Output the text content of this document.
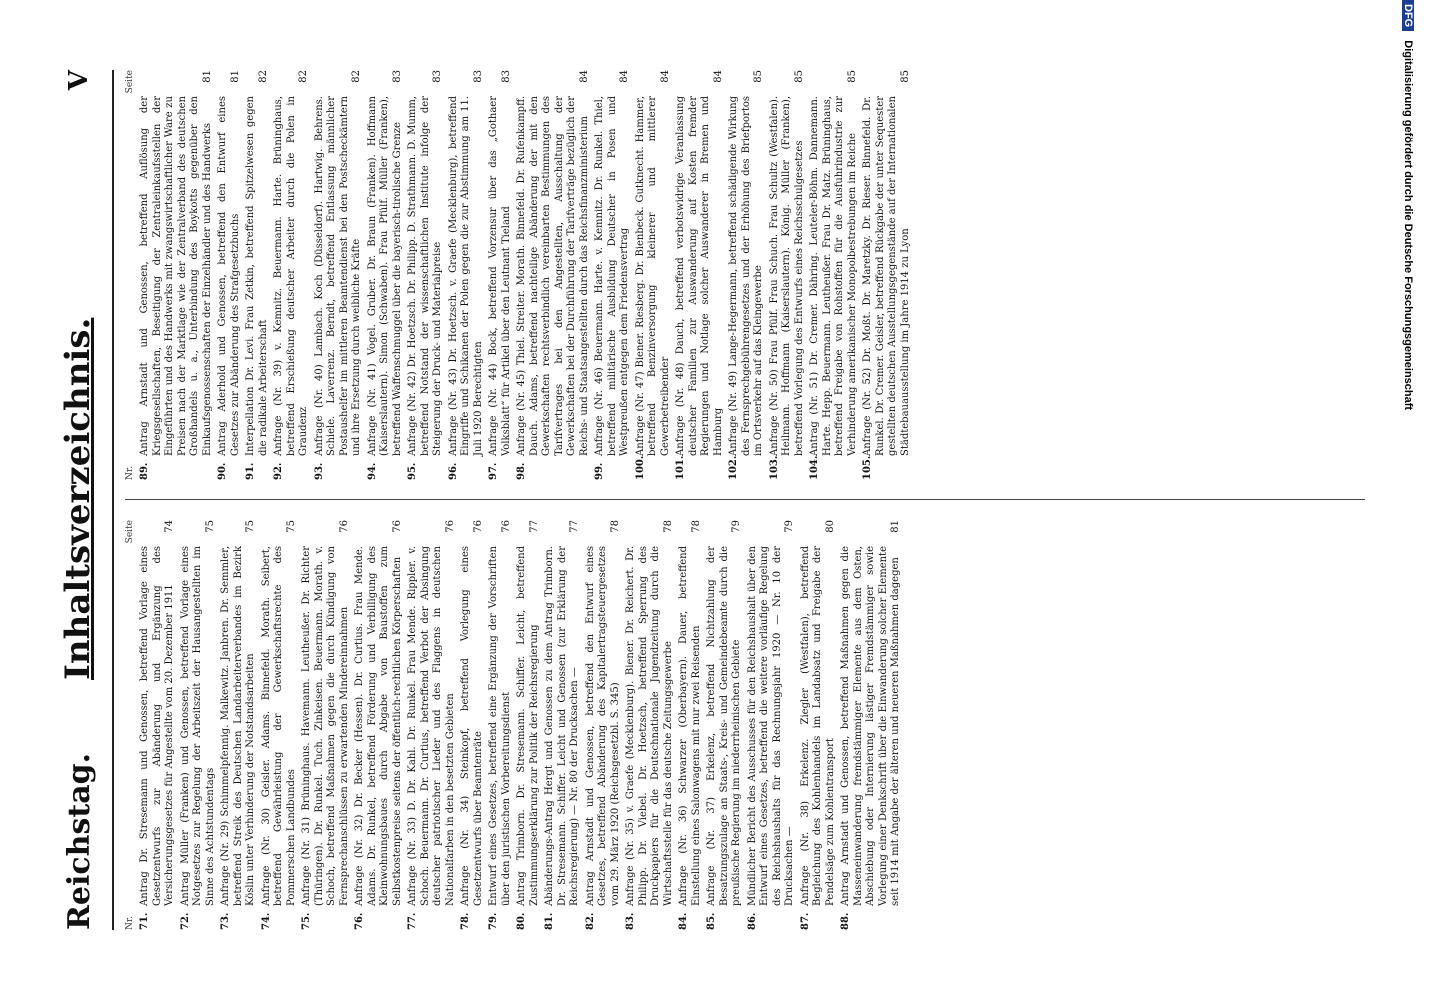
Reichstag.
Inhaltsverzeichnis.
V
Nr.
Seite
71.
Antrag Dr. Stresemann und Genossen, betreffend Vorlage eines Gesetzentwurfs zur Abänderung und Ergänzung des Versicherungsgesetzes für Angestellte vom 20. Dezember 1911
74
72.
Antrag Müller (Franken) und Genossen, betreffend Vorlage eines Notgesetzes zur Regelung der Arbeitszeit der Hausangestellten im Sinne des Achtstundentags
75
73.
Anfrage (Nr. 29) Schimmelpfennig. Malkewitz. Janbren. Dr. Semmler, betreffend Streik des Deutschen Landarbeiterverbandes im Bezirk Köslin unter Verhinderung der Notstandsarbeiten
75
74.
Anfrage (Nr. 30) Geisler. Adams. Binnefeld. Morath. Seibert, betreffend Gewährleistung der Gewerkschaftsrechte des Pommerschen Landbundes
75
75.
Anfrage (Nr. 31) Brüninghaus. Havemann. Leutheußer. Dr. Richter (Thüringen). Dr. Runkel. Tuch. Zinkeisen. Beuermann. Morath. v. Schoch, betreffend Maßnahmen gegen die durch Kündigung von Fernsprechanschlüssen zu erwartenden Mindereinnahmen
76
76.
Anfrage (Nr. 32) Dr. Becker (Hessen). Dr. Curtius. Frau Mende. Adams. Dr. Runkel, betreffend Förderung und Verbilligung des Kleinwohnungsbaues durch Abgabe von Baustoffen zum Selbstkostenpreise seitens der öffentlich-rechtlichen Körperschaften
76
77.
Anfrage (Nr. 33) D. Dr. Kahl. Dr. Runkel. Frau Mende. Rippler. v. Schoch. Beuermann. Dr. Curtius, betreffend Verbot der Absingung deutscher patriotischer Lieder und des Flaggens in deutschen Nationalfarben in den besetzten Gebieten
76
78.
Anfrage (Nr. 34) Steinkopf, betreffend Vorlegung eines Gesetzentwurfs über Beamtenräte
76
79.
Entwurf eines Gesetzes, betreffend eine Ergänzung der Vorschriften über den juristischen Vorbereitungsdienst
76
80.
Antrag Trimborn. Dr. Stresemann. Schiffer. Leicht, betreffend Zustimmungserklärung zur Politik der Reichsregierung
77
81.
Abänderungs-Antrag Hergt und Genossen zu dem Antrag Trimborn. Dr. Stresemann. Schiffer. Leicht und Genossen (zur Erklärung der Reichsregierung) — Nr. 80 der Drucksachen —
77
82.
Antrag Arnstadt und Genossen, betreffend den Entwurf eines Gesetzes, betreffend Abänderung des Kapitalertragsteuergesetzes vom 29. März 1920 (Reichsgesetzbl. S. 345)
78
83.
Anfrage (Nr. 35) v. Graefe (Mecklenburg). Biener. Dr. Reichert. Dr. Philipp. Dr. Viebel. Dr. Hoetzsch, betreffend Sperrung des Druckpapiers für die Deutschnationale Jugendzeitung durch die Wirtschaftsstelle für das deutsche Zeitungsgewerbe
78
84.
Anfrage (Nr. 36) Schwarzer (Oberbayern). Dauer, betreffend Einstellung eines Salonwagens mit nur zwei Reisenden
78
85.
Anfrage (Nr. 37) Erkelenz, betreffend Nichtzahlung der Besatzungszulage an Staats-, Kreis- und Gemeindebeamte durch die preußische Regierung im niederrheinischen Gebiete
79
86.
Mündlicher Bericht des Ausschusses für den Reichshaushalt über den Entwurf eines Gesetzes, betreffend die weitere vorläufige Regelung des Reichshaushalts für das Rechnungsjahr 1920 — Nr. 10 der Drucksachen —
79
87.
Anfrage (Nr. 38) Erkelenz. Ziegler (Westfalen), betreffend Begleichung des Kohlenhandels im Landabsatz und Freigabe der Pendelsäge zum Kohlentransport
80
88.
Antrag Arnstadt und Genossen, betreffend Maßnahmen gegen die Masseneinwanderung fremdstämmiger Elemente aus dem Osten, Abschiebung oder Internierung lästiger Fremdstämmiger sowie Vorlegung einer Denkschrift über die Einwanderung solcher Elemente seit 1914 mit Angabe der älteren und neueren Maßnahmen dagegen
81
Nr.
Seite
89.
Antrag Arnstadt und Genossen, betreffend Auflösung der Kriegsgesellschaften, Beseitigung der Zentraleinkaufsstellen der Eingeführten und des Handwerks mit zwangswirtschaftlicher Ware zu Preisen nach der Marktlage wie der Zentralverband des deutschen Großhandels u. a., Unterbindung des Boykotts gegenüber den Einkaufsgenossenschaften der Einzelhändler und des Handwerks
81
90.
Antrag Aderhold und Genossen, betreffend den Entwurf eines Gesetzes zur Abänderung des Strafgesetzbuchs
81
91.
Interpellation Dr. Levi. Frau Zetkin, betreffend Spitzelwesen gegen die radikale Arbeiterschaft
82
92.
Anfrage (Nr. 39) v. Kemnitz. Beuermann. Harte. Brüninghaus, betreffend Erschießung deutscher Arbeiter durch die Polen in Graudenz
82
93.
Anfrage (Nr. 40) Lambach. Koch (Düsseldorf). Hartwig. Behrens. Schiele. Laverrenz. Berndt, betreffend Entlassung männlicher Postaushelfer im mittleren Beamtendienst bei den Postscheckämtern und ihre Ersetzung durch weibliche Kräfte
82
94.
Anfrage (Nr. 41) Vogel. Gruber. Dr. Braun (Franken). Hoffmann (Kaiserslautern). Simon (Schwaben). Frau Pfülf. Müller (Franken), betreffend Waffenschmuggel über die bayerisch-tirolische Grenze
83
95.
Anfrage (Nr. 42) Dr. Hoetzsch. Dr. Philipp. D. Strathmann. D. Mumm, betreffend Notstand der wissenschaftlichen Institute infolge der Steigerung der Druck- und Materialpreise
83
96.
Anfrage (Nr. 43) Dr. Hoetzsch. v. Graefe (Mecklenburg), betreffend Eingriffe und Schikanen der Polen gegen die zur Abstimmung am 11. Juli 1920 Berechtigten
83
97.
Anfrage (Nr. 44) Bock, betreffend Vorzensur über das „Gothaer Volksblatt“ für Artikel über den Leutnant Tieland
83
98.
Anfrage (Nr. 45) Thiel. Streiter. Morath. Binnefeld. Dr. Rufenkampff. Dauch. Adams, betreffend nachteilige Abänderung der mit den Gewerkschaften rechtsverbindlich vereinbarten Bestimmungen des Tarifvertrages bei den Angestellten, Ausschaltung der Gewerkschaften bei der Durchführung der Tarifverträge bezüglich der Reichs- und Staatsangestellten durch das Reichsfinanzministerium
84
99.
Anfrage (Nr. 46) Beuermann. Harte. v. Kemnitz. Dr. Runkel. Thiel, betreffend militärische Ausbildung Deutscher in Posen und Westpreußen entgegen dem Friedensvertrag
84
100.
Anfrage (Nr. 47) Biener. Riesberg. Dr. Bienbeck. Gutknecht. Hammer, betreffend Benzinversorgung kleinerer und mittlerer Gewerbetreibender
84
101.
Anfrage (Nr. 48) Dauch, betreffend verbotswidrige Veranlassung deutscher Familien zur Auswanderung auf Kosten fremder Regierungen und Notlage solcher Auswanderer in Bremen und Hamburg
84
102.
Anfrage (Nr. 49) Lange-Hegermann, betreffend schädigende Wirkung des Fernsprechgebührengesetzes und der Erhöhung des Briefportos im Ortsverkehr auf das Kleingewerbe
85
103.
Anfrage (Nr. 50) Frau Pfülf. Frau Schuch. Frau Schultz (Westfalen). Heilmann. Hoffmann (Kaiserslautern). König. Müller (Franken), betreffend Vorlegung des Entwurfs eines Reichsschulgesetzes
85
104.
Antrag (Nr. 51) Dr. Cremer. Dähring. Leuteler-Böhm. Dannemann. Harte. Hepp. Beuermann. Leutheußer. Frau Dr. Matz. Brüninghaus, betreffend Freigabe von Rohstoffen für die Ausfuhrindustrie zur Verhinderung amerikanischer Monopolbestrebungen im Reiche
85
105.
Anfrage (Nr. 52) Dr. Moßt. Dr. Maretzky. Dr. Rieser. Binnefeld. Dr. Runkel. Dr. Cremer. Geisler, betreffend Rückgabe der unter Sequester gestellten deutschen Ausstellungsgegenstände auf der Internationalen Städtebauausstellung im Jahre 1914 zu Lyon
85
DFG Digitalisierung gefördert durch die Deutsche Forschungsgemeinschaft
